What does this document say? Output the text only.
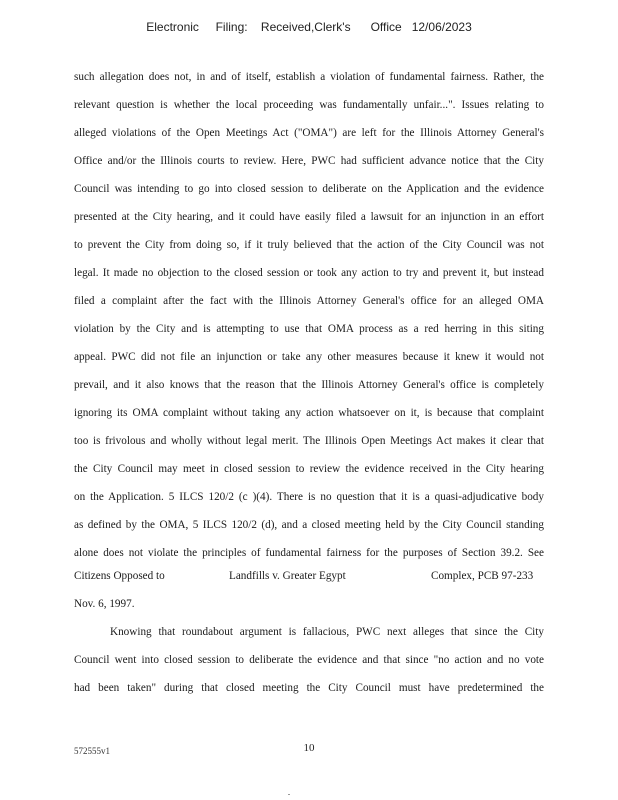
Electronic     Filing:    Received,Clerk's      Office   12/06/2023
such allegation does not, in and of itself, establish a violation of fundamental fairness. Rather, the
relevant question is whether the local proceeding was fundamentally unfair...". Issues relating to
alleged violations of the Open Meetings Act ("OMA") are left for the Illinois Attorney General's
Office and/or the Illinois courts to review. Here, PWC had sufficient advance notice that the City
Council was intending to go into closed session to deliberate on the Application and the evidence
presented at the City hearing, and it could have easily filed a lawsuit for an injunction in an effort
to prevent the City from doing so, if it truly believed that the action of the City Council was not
legal. It made no objection to the closed session or took any action to try and prevent it, but instead
filed a complaint after the fact with the Illinois Attorney General's office for an alleged OMA
violation by the City and is attempting to use that OMA process as a red herring in this siting
appeal. PWC did not file an injunction or take any other measures because it knew it would not
prevail, and it also knows that the reason that the Illinois Attorney General's office is completely
ignoring its OMA complaint without taking any action whatsoever on it, is because that complaint
too is frivolous and wholly without legal merit. The Illinois Open Meetings Act makes it clear that
the City Council may meet in closed session to review the evidence received in the City hearing
on the Application. 5 ILCS 120/2 (c )(4). There is no question that it is a quasi-adjudicative body
as defined by the OMA, 5 ILCS 120/2 (d), and a closed meeting held by the City Council standing
alone does not violate the principles of fundamental fairness for the purposes of Section 39.2. See
Citizens Opposed to	Landfills v. Greater Egypt	Complex, PCB 97-233
Nov. 6, 1997.
Knowing that roundabout argument is fallacious, PWC next alleges that since the City
Council went into closed session to deliberate the evidence and that since "no action and no vote
had been taken" during that closed meeting the City Council must have predetermined the
572555v1	10
